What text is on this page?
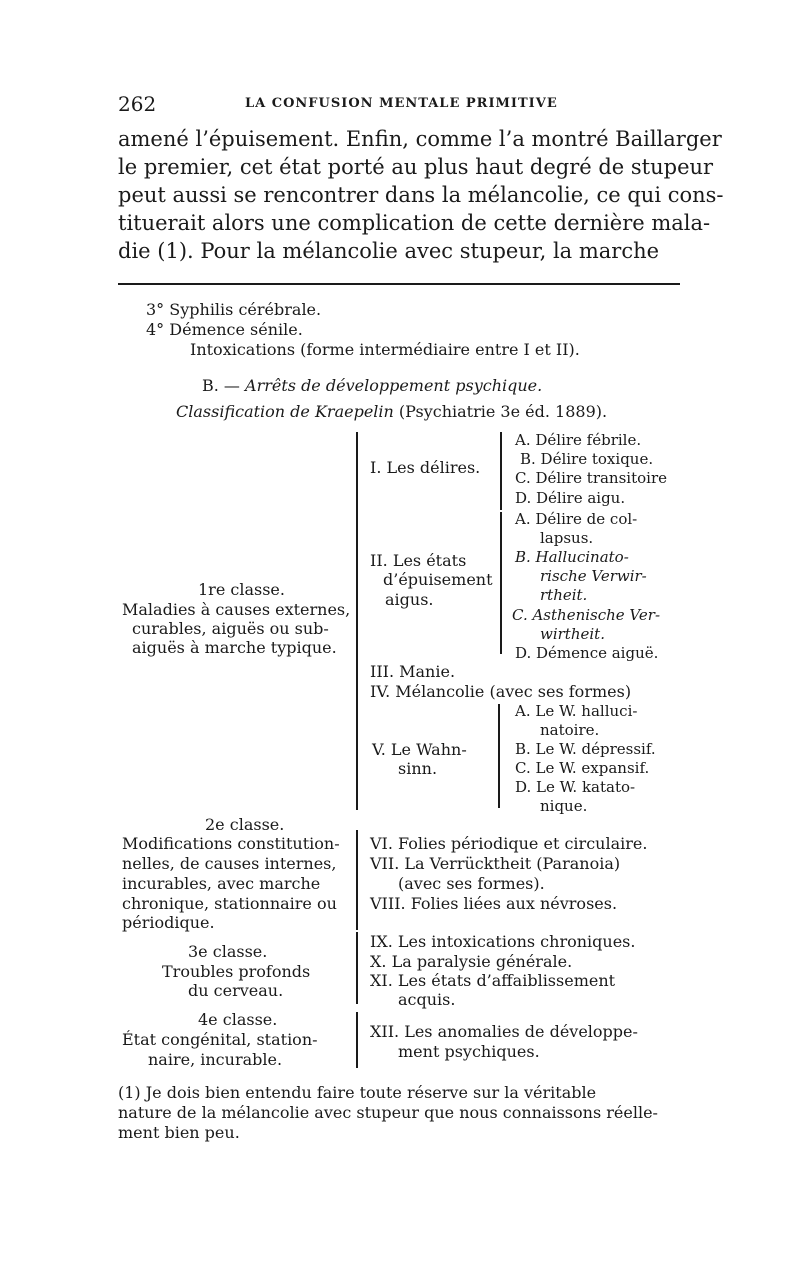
262	LA CONFUSION MENTALE PRIMITIVE
amené l’épuisement. Enfin, comme l’a montré Baillarger
le premier, cet état porté au plus haut degré de stupeur
peut aussi se rencontrer dans la mélancolie, ce qui cons-
tituerait alors une complication de cette dernière mala-
die (1). Pour la mélancolie avec stupeur, la marche
3° Syphilis cérébrale.
4° Démence sénile.
Intoxications (forme intermédiaire entre I et II).
B. — Arrêts de développement psychique.
Classification de Kraepelin (Psychiatrie 3e éd. 1889).
1re classe.
Maladies à causes externes,
curables, aiguës ou sub-
aiguës à marche typique.
I. Les délires.
A. Délire fébrile.
B. Délire toxique.
C. Délire transitoire
D. Délire aigu.
II. Les états
d’épuisement
aigus.
A. Délire de col-
lapsus.
B. Hallucinato-
rische Verwir-
rtheit.
C. Asthenische Ver-
wirtheit.
D. Démence aiguë.
III. Manie.
IV. Mélancolie (avec ses formes)
V. Le Wahn-
sinn.
A. Le W. halluci-
natoire.
B. Le W. dépressif.
C. Le W. expansif.
D. Le W. katato-
nique.
2e classe.
Modifications constitution-
nelles, de causes internes,
incurables, avec marche
chronique, stationnaire ou
périodique.
VI. Folies périodique et circulaire.
VII. La Verrücktheit (Paranoia)
(avec ses formes).
VIII. Folies liées aux névroses.
3e classe.
Troubles profonds
du cerveau.
IX. Les intoxications chroniques.
X. La paralysie générale.
XI. Les états d’affaiblissement
acquis.
4e classe.
État congénital, station-
naire, incurable.
XII. Les anomalies de développe-
ment psychiques.
(1) Je dois bien entendu faire toute réserve sur la véritable
nature de la mélancolie avec stupeur que nous connaissons réelle-
ment bien peu.
